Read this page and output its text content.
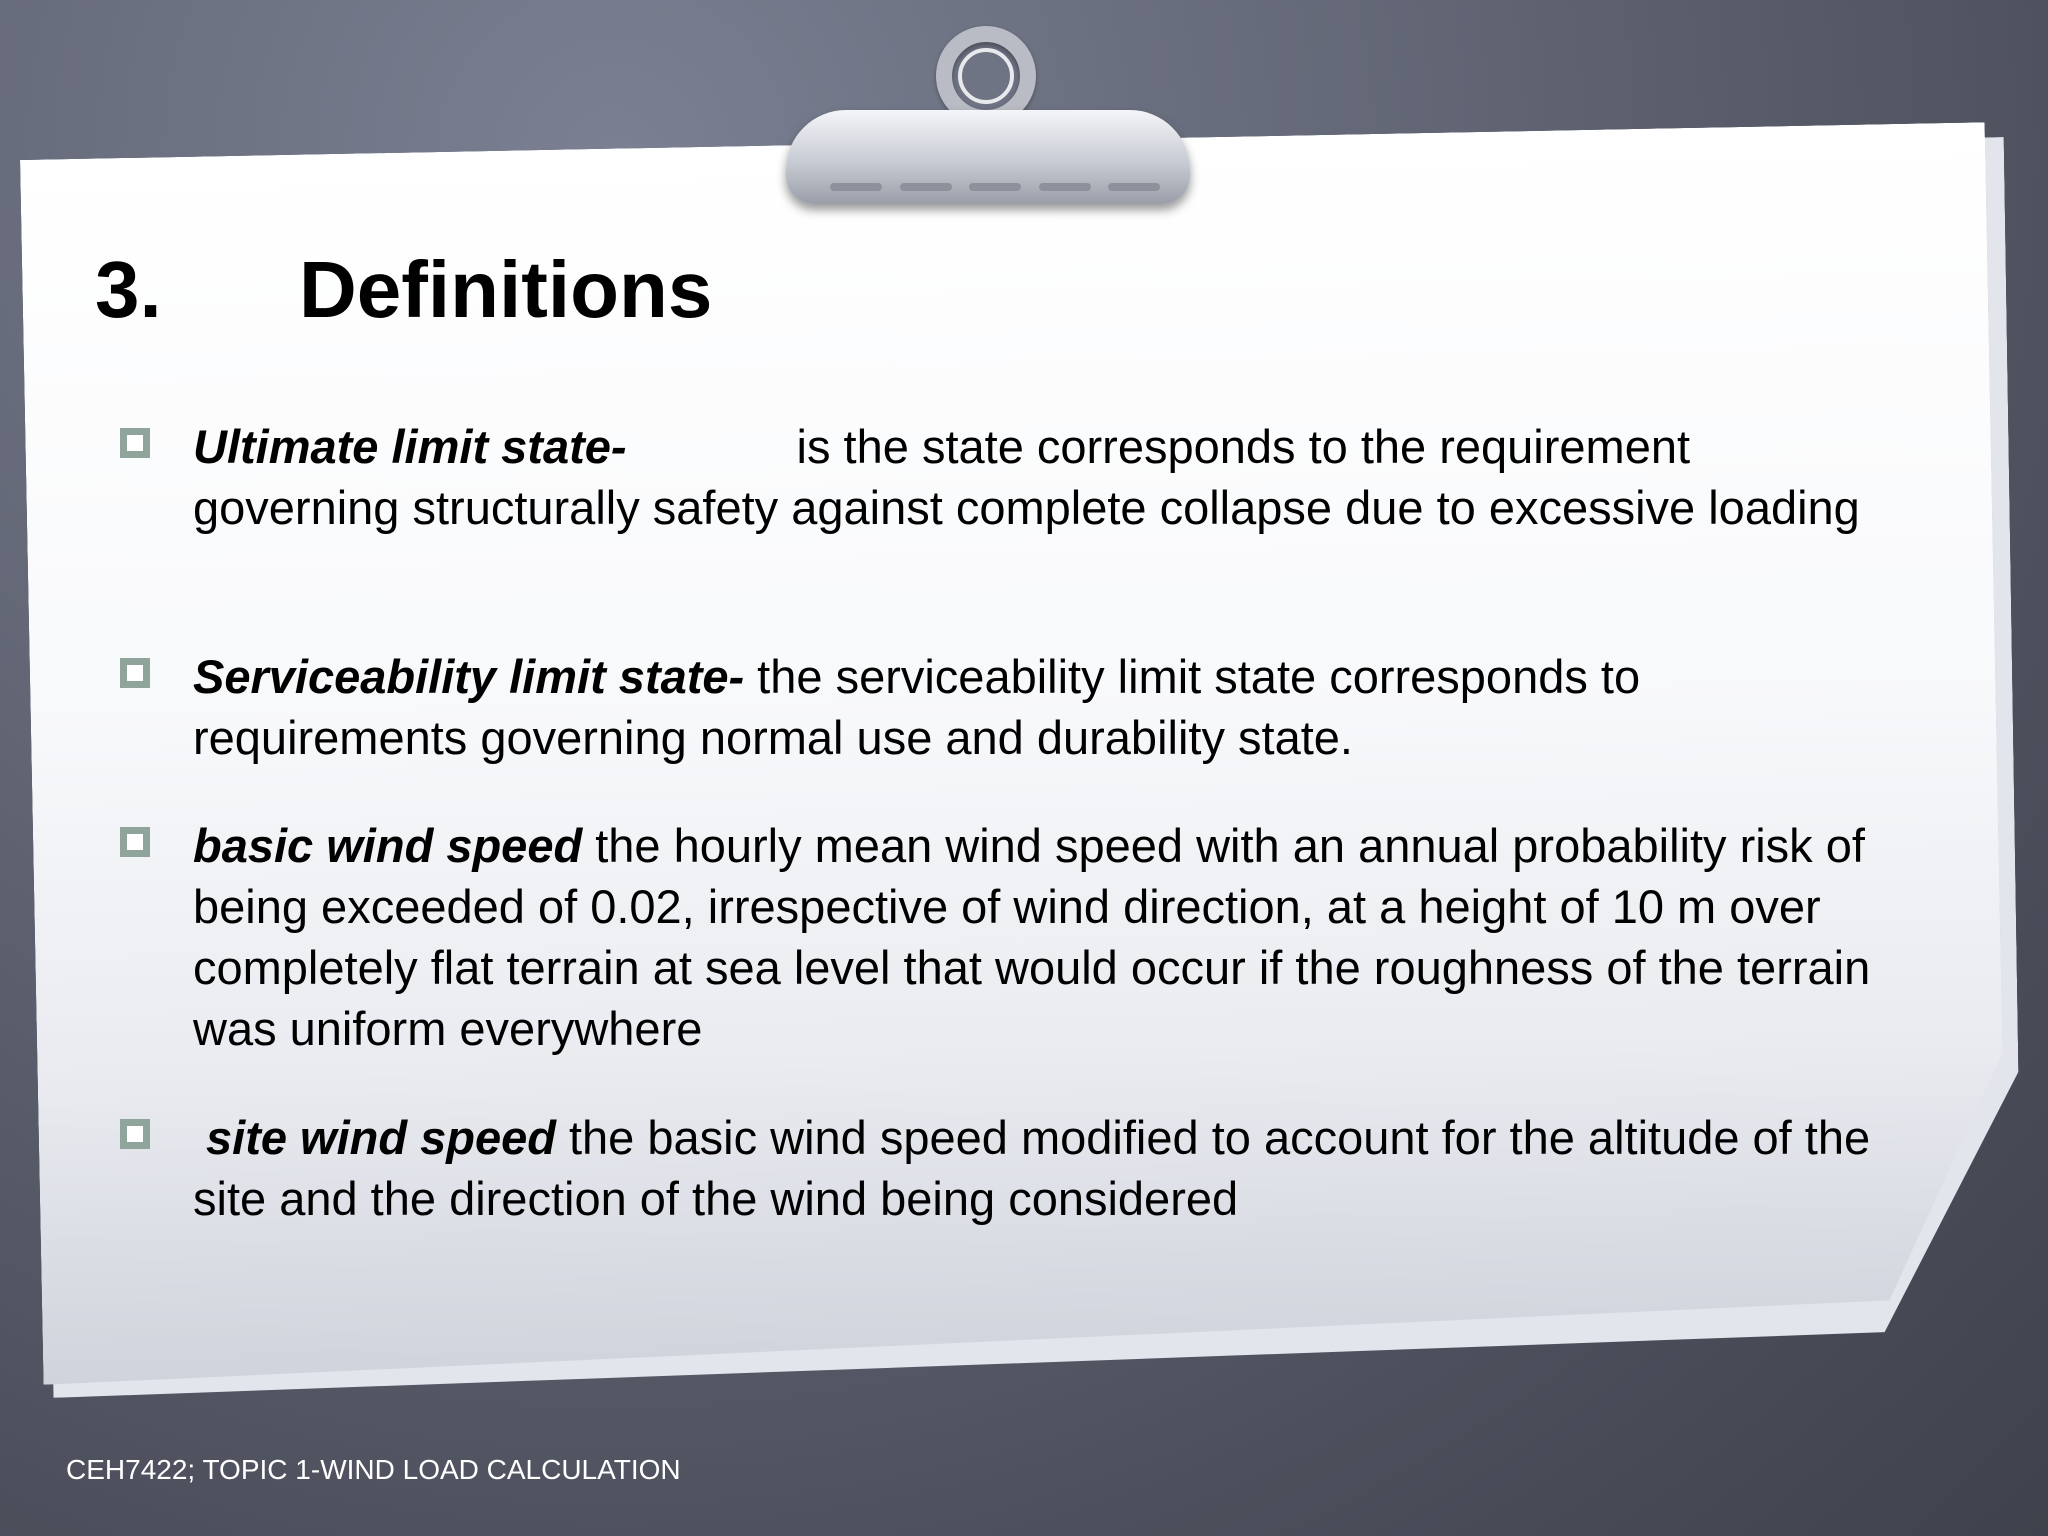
3. Definitions

Ultimate limit state-	is the state corresponds to the requirement governing structurally safety against complete collapse due to excessive loading

Serviceability limit state- the serviceability limit state corresponds to requirements governing normal use and durability state.

basic wind speed the hourly mean wind speed with an annual probability risk of being exceeded of 0.02, irrespective of wind direction, at a height of 10 m over completely flat terrain at sea level that would occur if the roughness of the terrain was uniform everywhere

site wind speed the basic wind speed modified to account for the altitude of the site and the direction of the wind being considered

CEH7422; TOPIC 1-WIND LOAD CALCULATION
